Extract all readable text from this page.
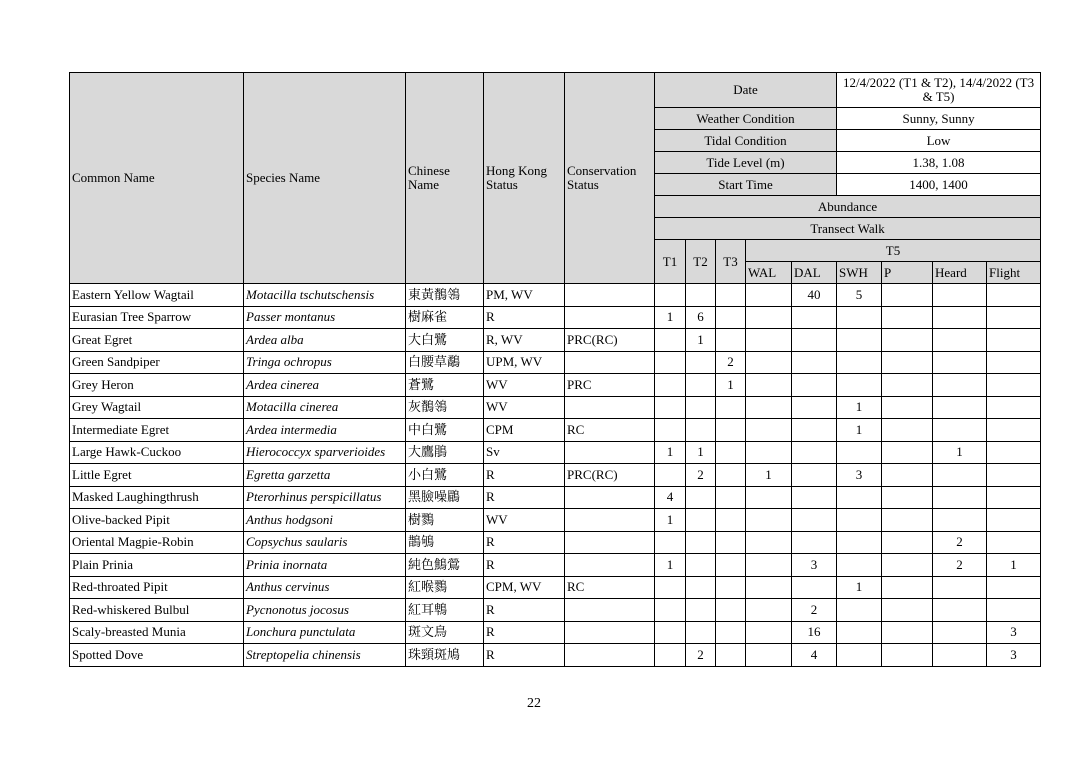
Common Name	Species Name	Chinese Name	Hong Kong Status	Conservation Status	Date					12/4/2022 (T1 & T2), 14/4/2022 (T3 & T5)			
					Weather Condition					Sunny, Sunny			
					Tidal Condition					Low			
					Tide Level (m)					1.38, 1.08			
					Start Time					1400, 1400			
					Abundance								
					Transect Walk								
					T1	T2	T3	T5					
								WAL	DAL	SWH	P	Heard	Flight
Eastern Yellow Wagtail	Motacilla tschutschensis	東黃鶺鴒	PM, WV						40	5			
Eurasian Tree Sparrow	Passer montanus	樹麻雀	R		1	6							
Great Egret	Ardea alba	大白鷺	R, WV	PRC(RC)		1							
Green Sandpiper	Tringa ochropus	白腰草鷸	UPM, WV				2						
Grey Heron	Ardea cinerea	蒼鷺	WV	PRC			1						
Grey Wagtail	Motacilla cinerea	灰鶺鴒	WV							1			
Intermediate Egret	Ardea intermedia	中白鷺	CPM	RC						1			
Large Hawk-Cuckoo	Hierococcyx sparverioides	大鷹鵑	Sv		1	1						1	
Little Egret	Egretta garzetta	小白鷺	R	PRC(RC)		2		1		3			
Masked Laughingthrush	Pterorhinus perspicillatus	黑臉噪鶥	R		4								
Olive-backed Pipit	Anthus hodgsoni	樹鷚	WV		1								
Oriental Magpie-Robin	Copsychus saularis	鵲鴝	R									2	
Plain Prinia	Prinia inornata	純色鷦鶯	R		1				3			2	1
Red-throated Pipit	Anthus cervinus	紅喉鷚	CPM, WV	RC						1			
Red-whiskered Bulbul	Pycnonotus jocosus	紅耳鵯	R						2				
Scaly-breasted Munia	Lonchura punctulata	斑文鳥	R						16				3
Spotted Dove	Streptopelia chinensis	珠頸斑鳩	R			2			4				3
22
